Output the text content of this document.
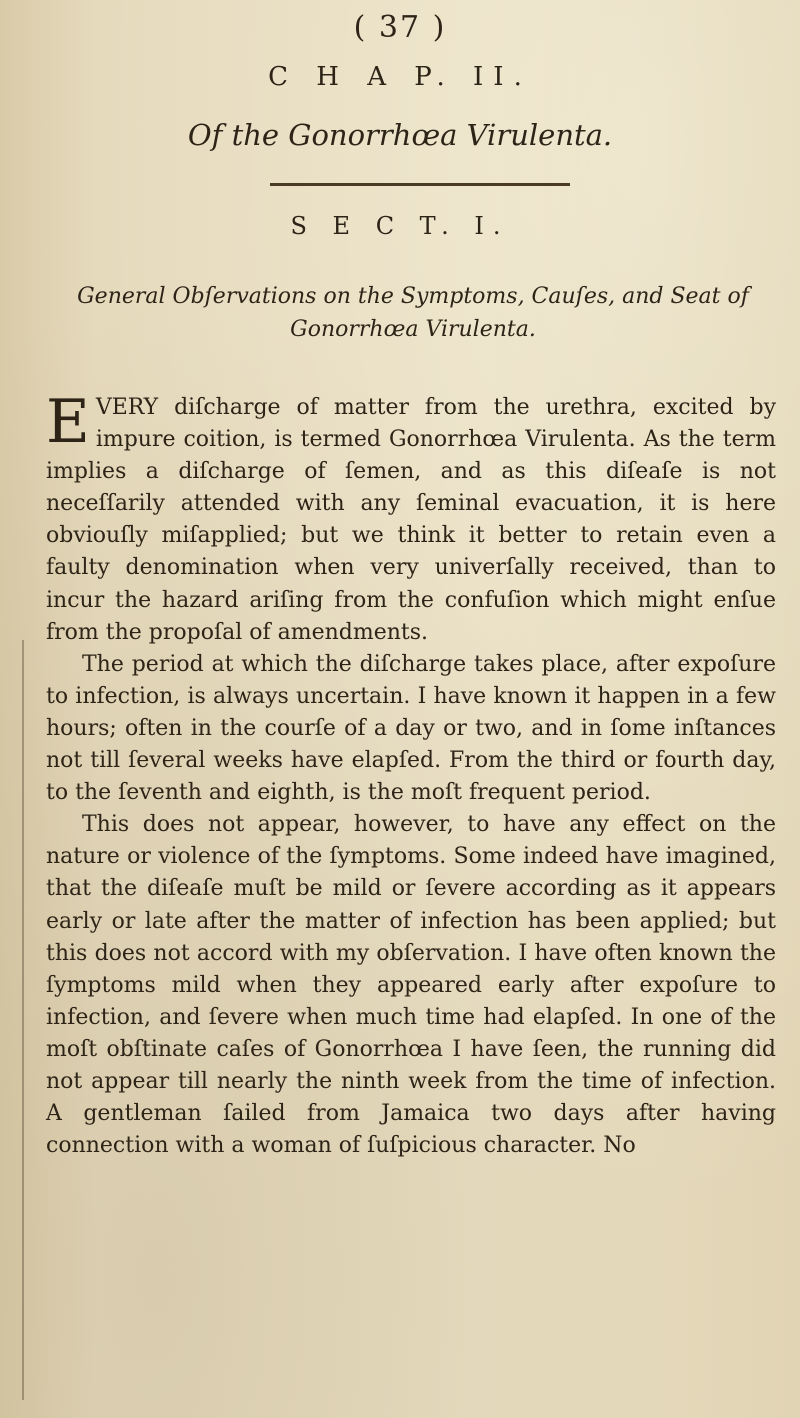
( 37 )
C H A P. II.
Of the Gonorrhœa Virulenta.
S E C T. I.
General Obſervations on the Symptoms, Cauſes, and Seat of Gonorrhœa Virulenta.

EVERY diſcharge of matter from the urethra, excited by impure coition, is termed Gonorrhœa Virulenta. As the term implies a diſcharge of ſemen, and as this diſeaſe is not neceſſarily attended with any ſeminal evacuation, it is here obviouſly miſapplied; but we think it better to retain even a faulty denomination when very univerſally received, than to incur the hazard ariſing from the confuſion which might enſue from the propoſal of amendments.

The period at which the diſcharge takes place, after expoſure to infection, is always uncertain. I have known it happen in a few hours; often in the courſe of a day or two, and in ſome inſtances not till ſeveral weeks have elapſed. From the third or fourth day, to the ſeventh and eighth, is the moſt frequent period.

This does not appear, however, to have any effect on the nature or violence of the ſymptoms. Some indeed have imagined, that the diſeaſe muſt be mild or ſevere according as it appears early or late after the matter of infection has been applied; but this does not accord with my obſervation. I have often known the ſymptoms mild when they appeared early after expoſure to infection, and ſevere when much time had elapſed. In one of the moſt obſtinate caſes of Gonorrhœa I have ſeen, the running did not appear till nearly the ninth week from the time of infection. A gentleman ſailed from Jamaica two days after having connection with a woman of ſuſpicious character. No
